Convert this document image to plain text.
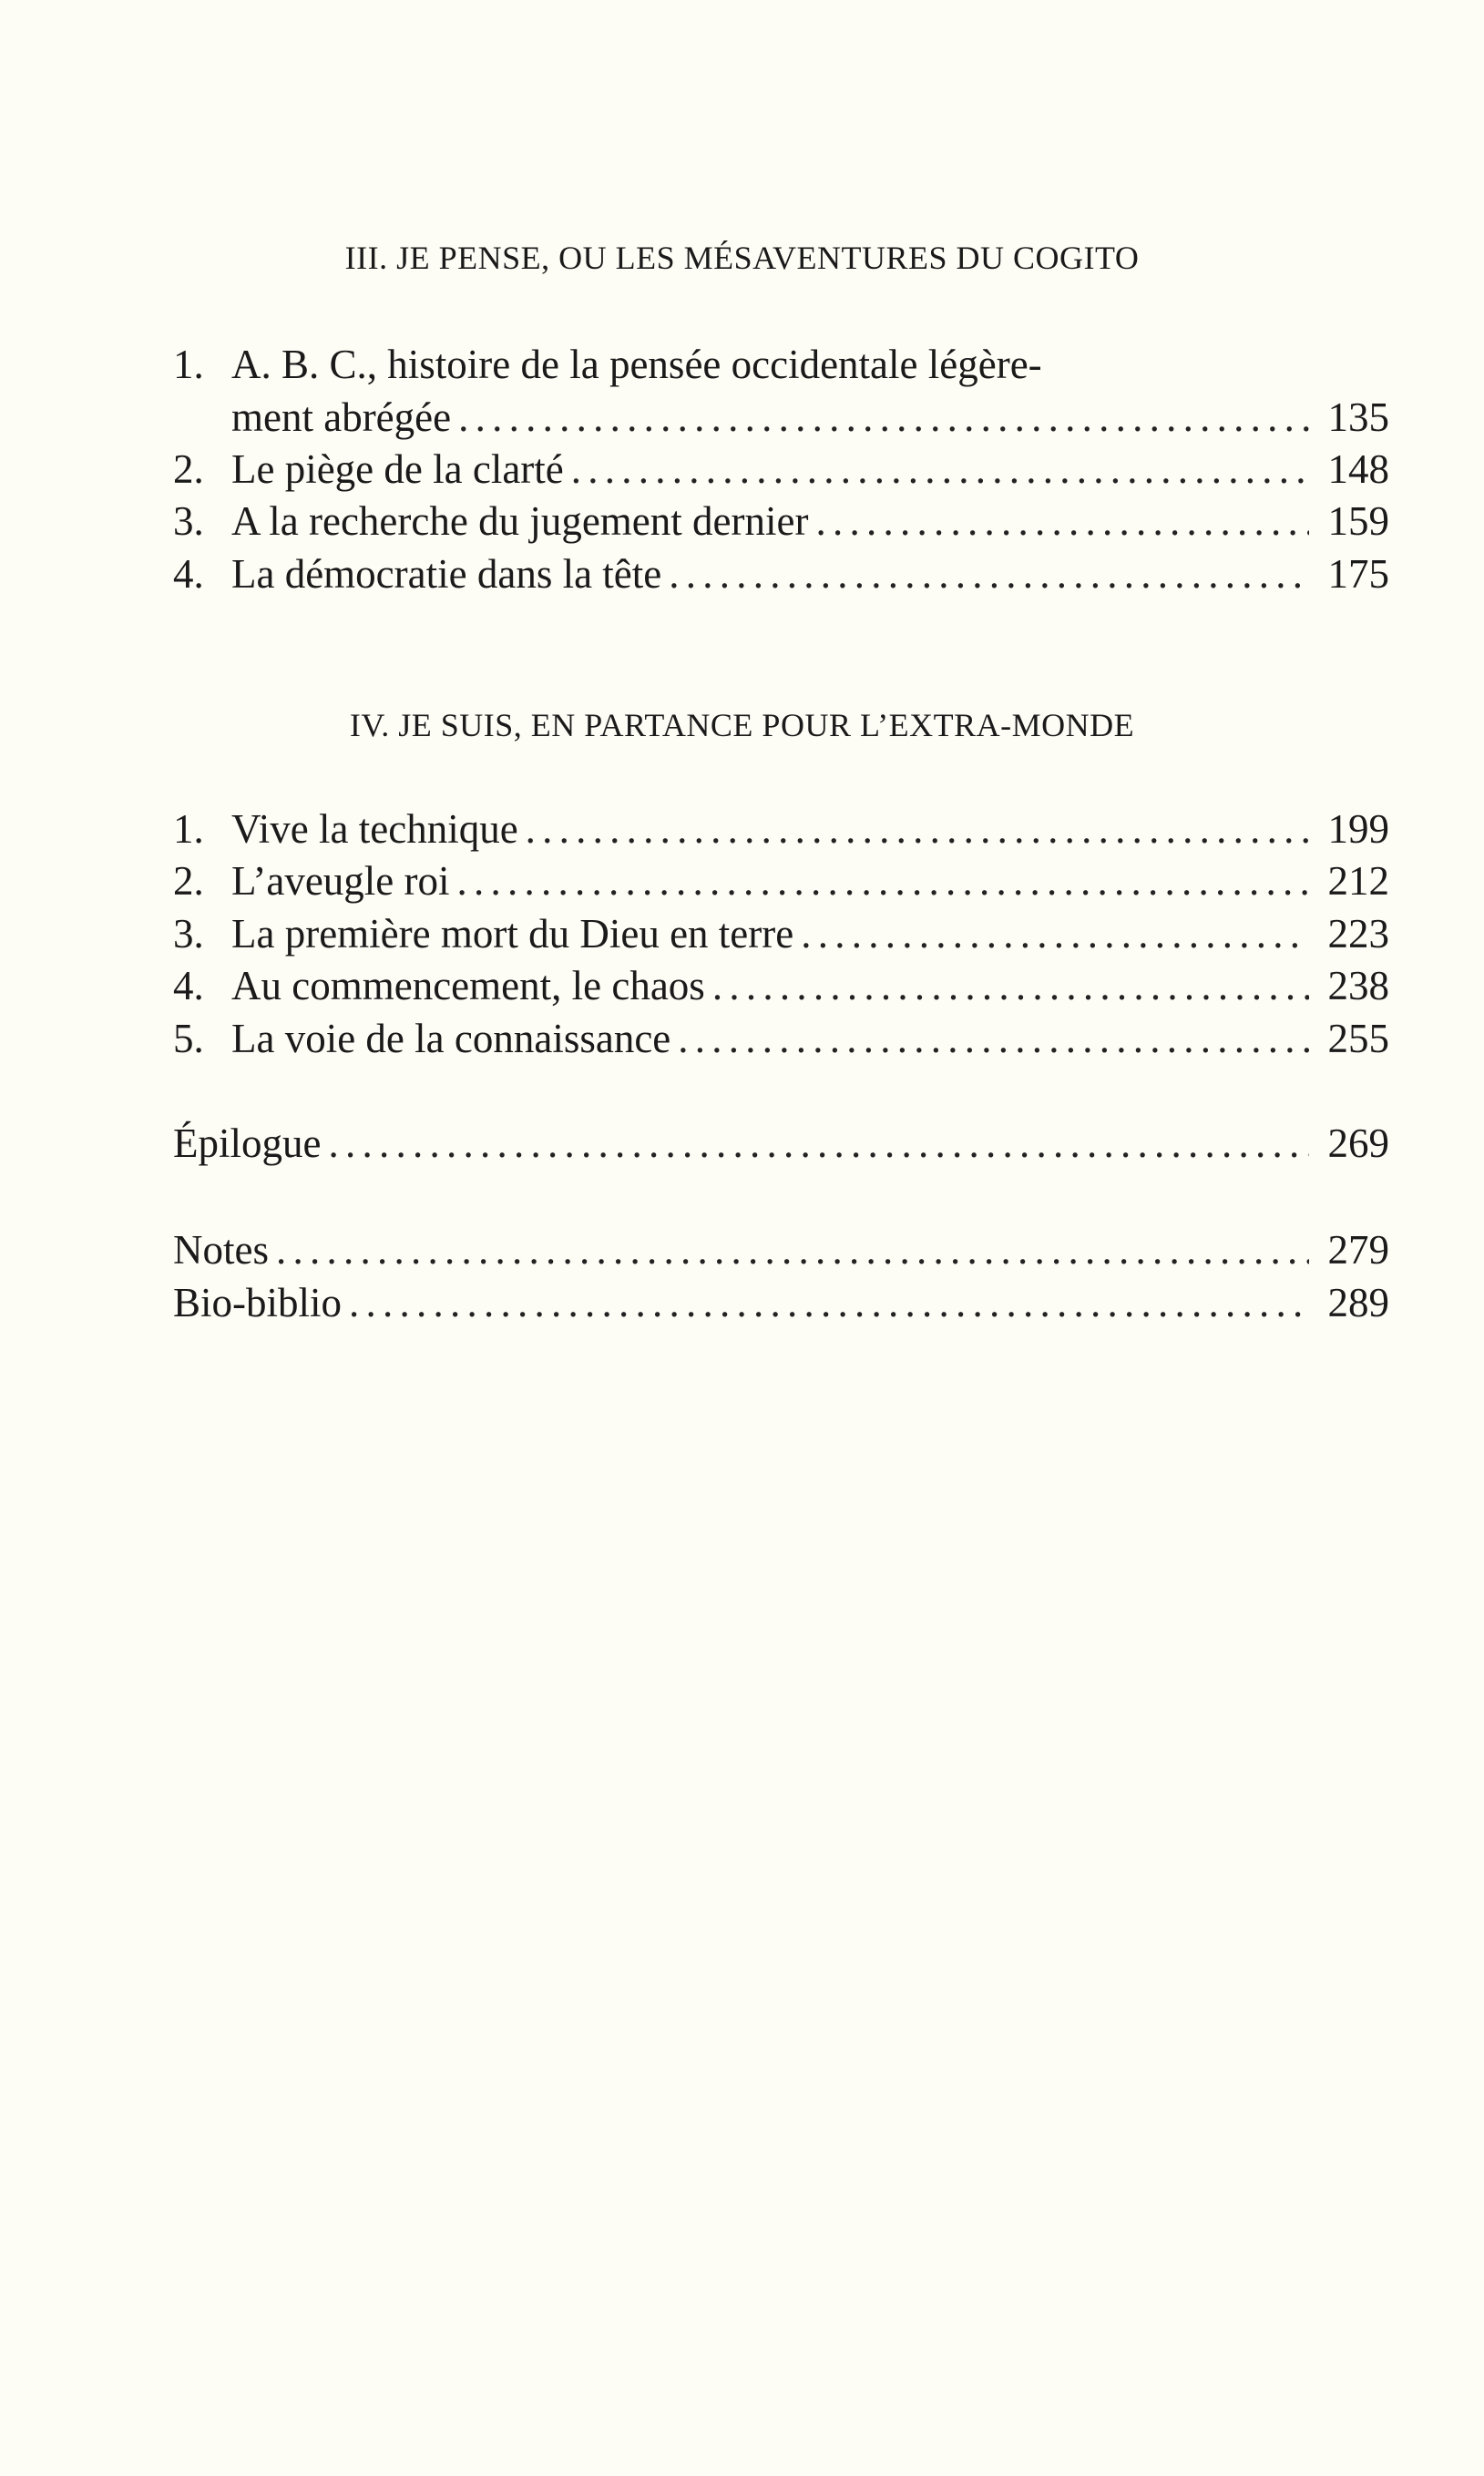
III. JE PENSE, OU LES MÉSAVENTURES DU COGITO
1. A. B. C., histoire de la pensée occidentale légère-
ment abrégée . . .	135
2. Le piège de la clarté . . .	148
3. A la recherche du jugement dernier . . .	159
4. La démocratie dans la tête . . .	175
IV. JE SUIS, EN PARTANCE POUR L’EXTRA-MONDE
1. Vive la technique . . .	199
2. L’aveugle roi . . .	212
3. La première mort du Dieu en terre . . .	223
4. Au commencement, le chaos . . .	238
5. La voie de la connaissance . . .	255
Épilogue . . .	269
Notes . . .	279
Bio-biblio . . .	289
